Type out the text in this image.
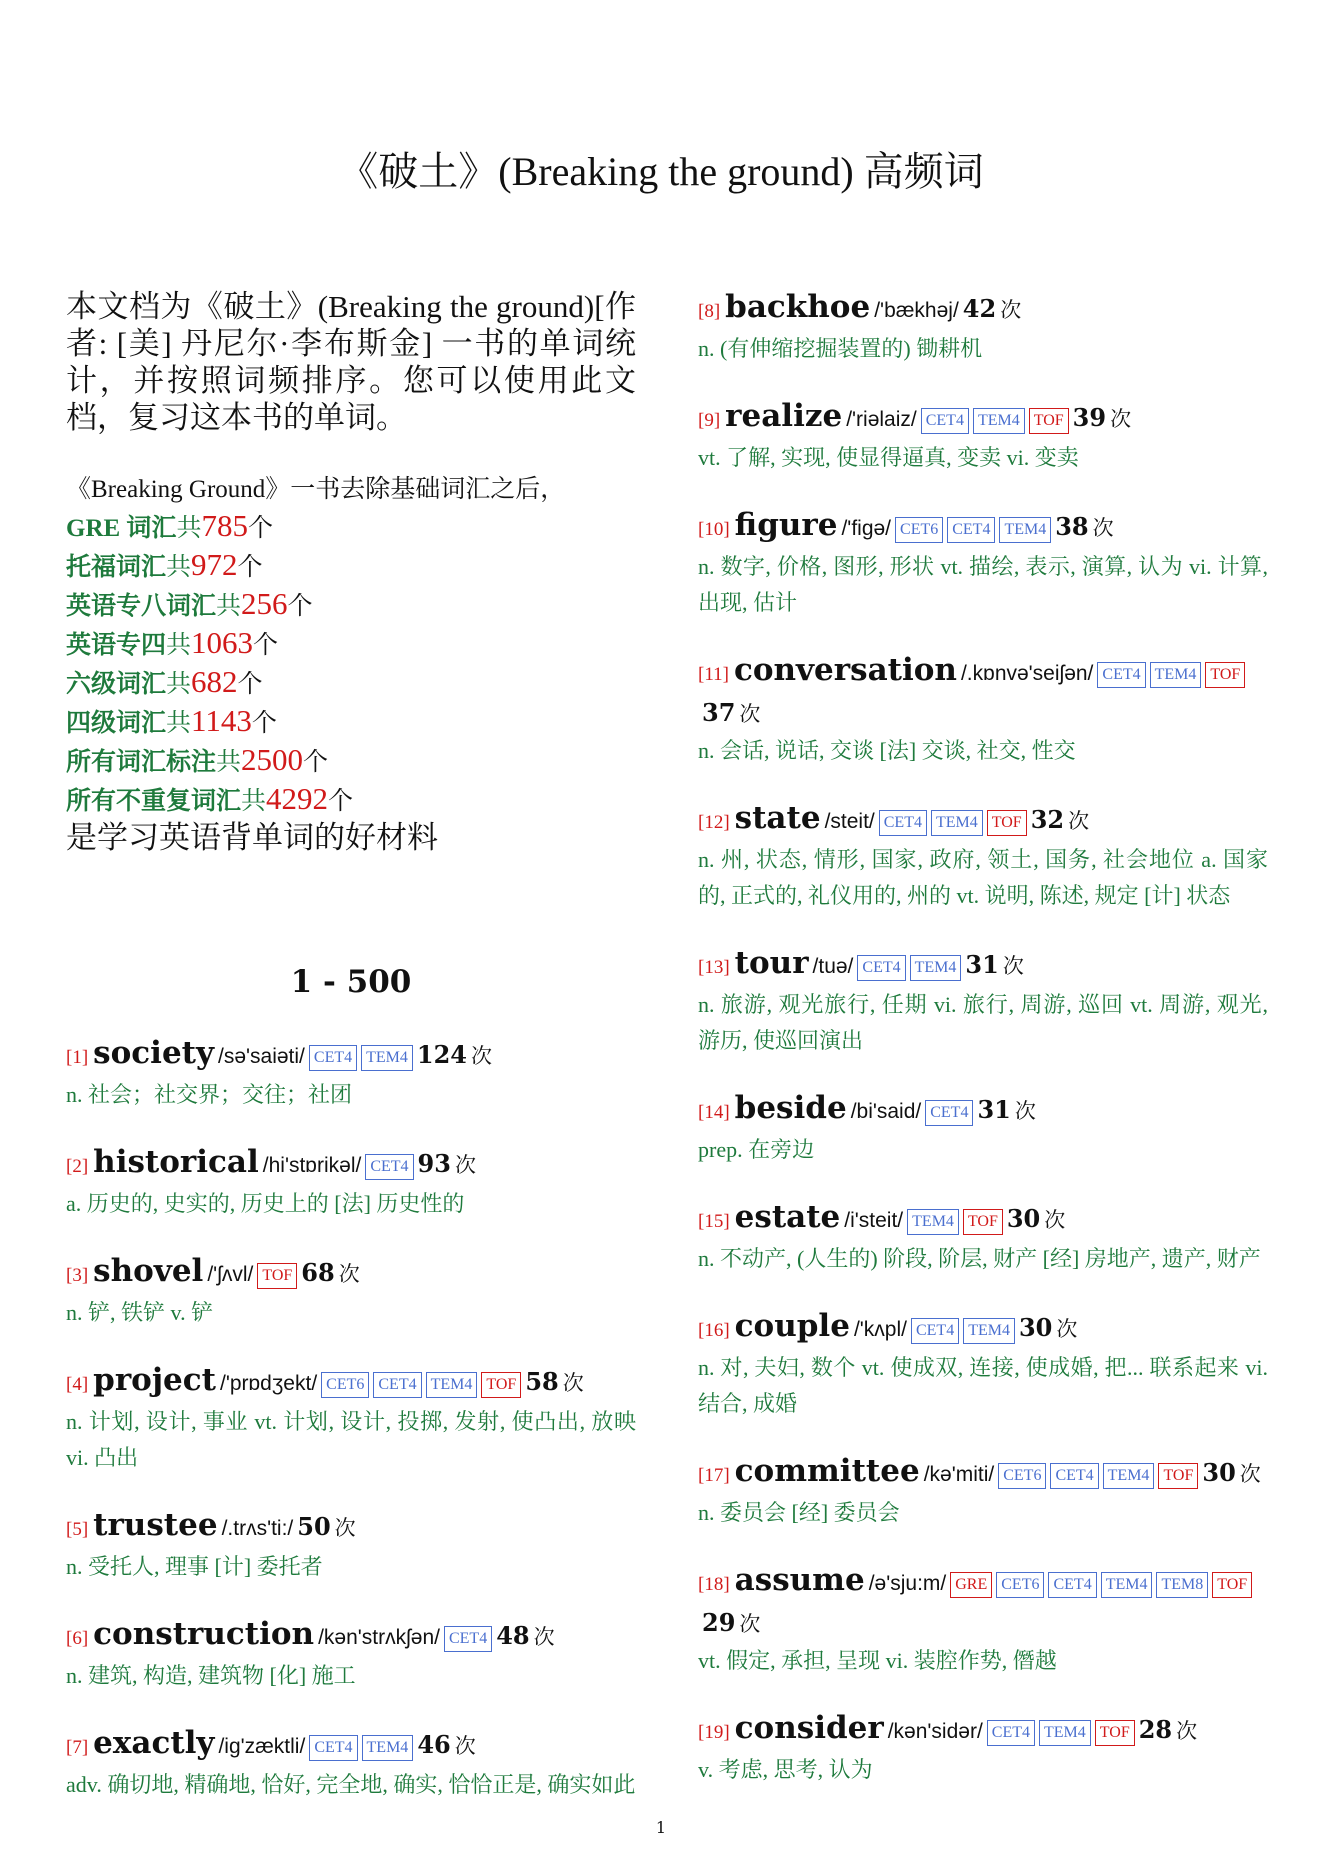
《破土》(Breaking the ground) 高频词
本文档为《破土》(Breaking the ground)[作者: [美] 丹尼尔·李布斯金] 一书的单词统计，并按照词频排序。您可以使用此文档，复习这本书的单词。
《Breaking Ground》一书去除基础词汇之后，
GRE 词汇共785个
托福词汇共972个
英语专八词汇共256个
英语专四共1063个
六级词汇共682个
四级词汇共1143个
所有词汇标注共2500个
所有不重复词汇共4292个
是学习英语背单词的好材料
1 - 500
[1] society /sə'saiəti/ CET4 TEM4 124 次
n. 社会；社交界；交往；社团
[2] historical /hi'stɒrikəl/ CET4 93 次
a. 历史的, 史实的, 历史上的 [法] 历史性的
[3] shovel /'ʃʌvl/ TOF 68 次
n. 铲, 铁铲 v. 铲
[4] project /'prɒdʒekt/ CET6 CET4 TEM4 TOF 58 次
n. 计划, 设计, 事业 vt. 计划, 设计, 投掷, 发射, 使凸出, 放映 vi. 凸出
[5] trustee /.trʌs'ti:/ 50 次
n. 受托人, 理事 [计] 委托者
[6] construction /kən'strʌkʃən/ CET4 48 次
n. 建筑, 构造, 建筑物 [化] 施工
[7] exactly /ig'zæktli/ CET4 TEM4 46 次
adv. 确切地, 精确地, 恰好, 完全地, 确实, 恰恰正是, 确实如此
[8] backhoe /'bækhəj/ 42 次
n. (有伸缩挖掘装置的) 锄耕机
[9] realize /'riəlaiz/ CET4 TEM4 TOF 39 次
vt. 了解, 实现, 使显得逼真, 变卖 vi. 变卖
[10] figure /'figə/ CET6 CET4 TEM4 38 次
n. 数字, 价格, 图形, 形状 vt. 描绘, 表示, 演算, 认为 vi. 计算, 出现, 估计
[11] conversation /.kɒnvə'seiʃən/ CET4 TEM4 TOF37 次
n. 会话, 说话, 交谈 [法] 交谈, 社交, 性交
[12] state /steit/ CET4 TEM4 TOF 32 次
n. 州, 状态, 情形, 国家, 政府, 领土, 国务, 社会地位 a. 国家的, 正式的, 礼仪用的, 州的 vt. 说明, 陈述, 规定 [计] 状态
[13] tour /tuə/ CET4 TEM4 31 次
n. 旅游, 观光旅行, 任期 vi. 旅行, 周游, 巡回 vt. 周游, 观光, 游历, 使巡回演出
[14] beside /bi'said/ CET4 31 次
prep. 在旁边
[15] estate /i'steit/ TEM4 TOF 30 次
n. 不动产, (人生的) 阶段, 阶层, 财产 [经] 房地产, 遗产, 财产
[16] couple /'kʌpl/ CET4 TEM4 30 次
n. 对, 夫妇, 数个 vt. 使成双, 连接, 使成婚, 把... 联系起来 vi. 结合, 成婚
[17] committee /kə'miti/ CET6 CET4 TEM4 TOF 30 次
n. 委员会 [经] 委员会
[18] assume /ə'sju:m/ GRE CET6 CET4 TEM4 TEM8 TOF29 次
vt. 假定, 承担, 呈现 vi. 装腔作势, 僭越
[19] consider /kən'sidər/ CET4 TEM4 TOF 28 次
v. 考虑, 思考, 认为
1
